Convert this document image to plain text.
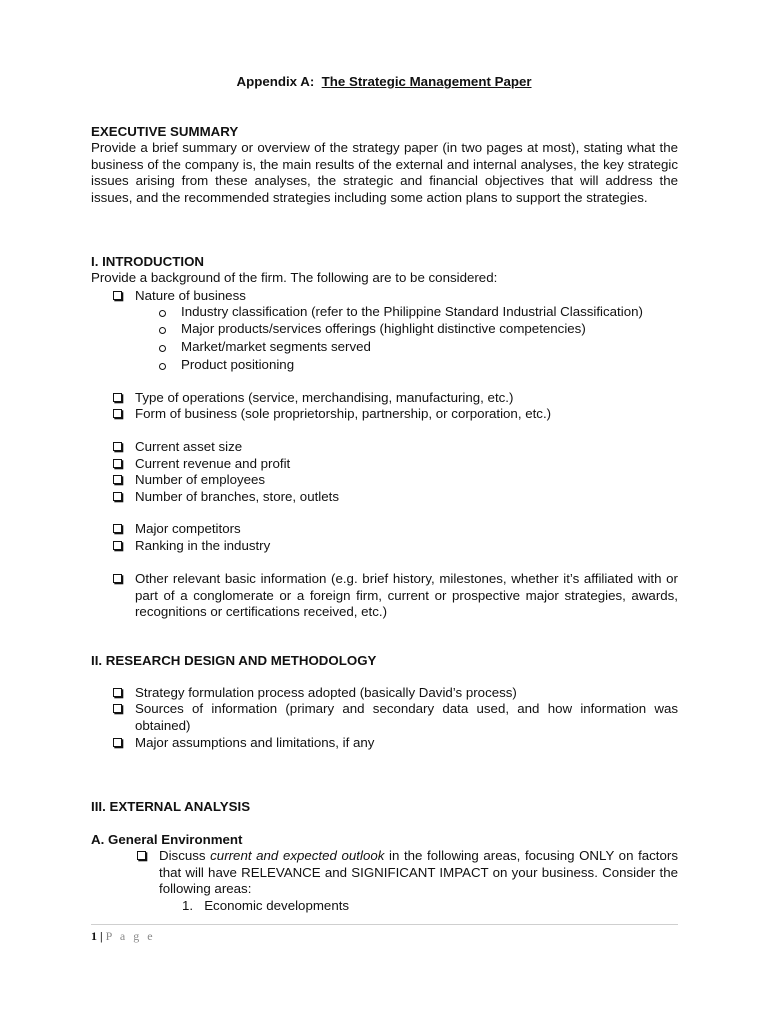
Appendix A: The Strategic Management Paper
EXECUTIVE SUMMARY

Provide a brief summary or overview of the strategy paper (in two pages at most), stating what the business of the company is, the main results of the external and internal analyses, the key strategic issues arising from these analyses, the strategic and financial objectives that will address the issues, and the recommended strategies including some action plans to support the strategies.

I. INTRODUCTION
Provide a background of the firm. The following are to be considered:
Nature of business
Industry classification (refer to the Philippine Standard Industrial Classification)
Major products/services offerings (highlight distinctive competencies)
Market/market segments served
Product positioning
Type of operations (service, merchandising, manufacturing, etc.)
Form of business (sole proprietorship, partnership, or corporation, etc.)
Current asset size
Current revenue and profit
Number of employees
Number of branches, store, outlets
Major competitors
Ranking in the industry
Other relevant basic information (e.g. brief history, milestones, whether it’s affiliated with or part of a conglomerate or a foreign firm, current or prospective major strategies, awards, recognitions or certifications received, etc.)
II. RESEARCH DESIGN AND METHODOLOGY
Strategy formulation process adopted (basically David’s process)
Sources of information (primary and secondary data used, and how information was obtained)
Major assumptions and limitations, if any
III. EXTERNAL ANALYSIS
A. General Environment
Discuss current and expected outlook in the following areas, focusing ONLY on factors that will have RELEVANCE and SIGNIFICANT IMPACT on your business. Consider the following areas:
1. Economic developments
1 | P a g e
